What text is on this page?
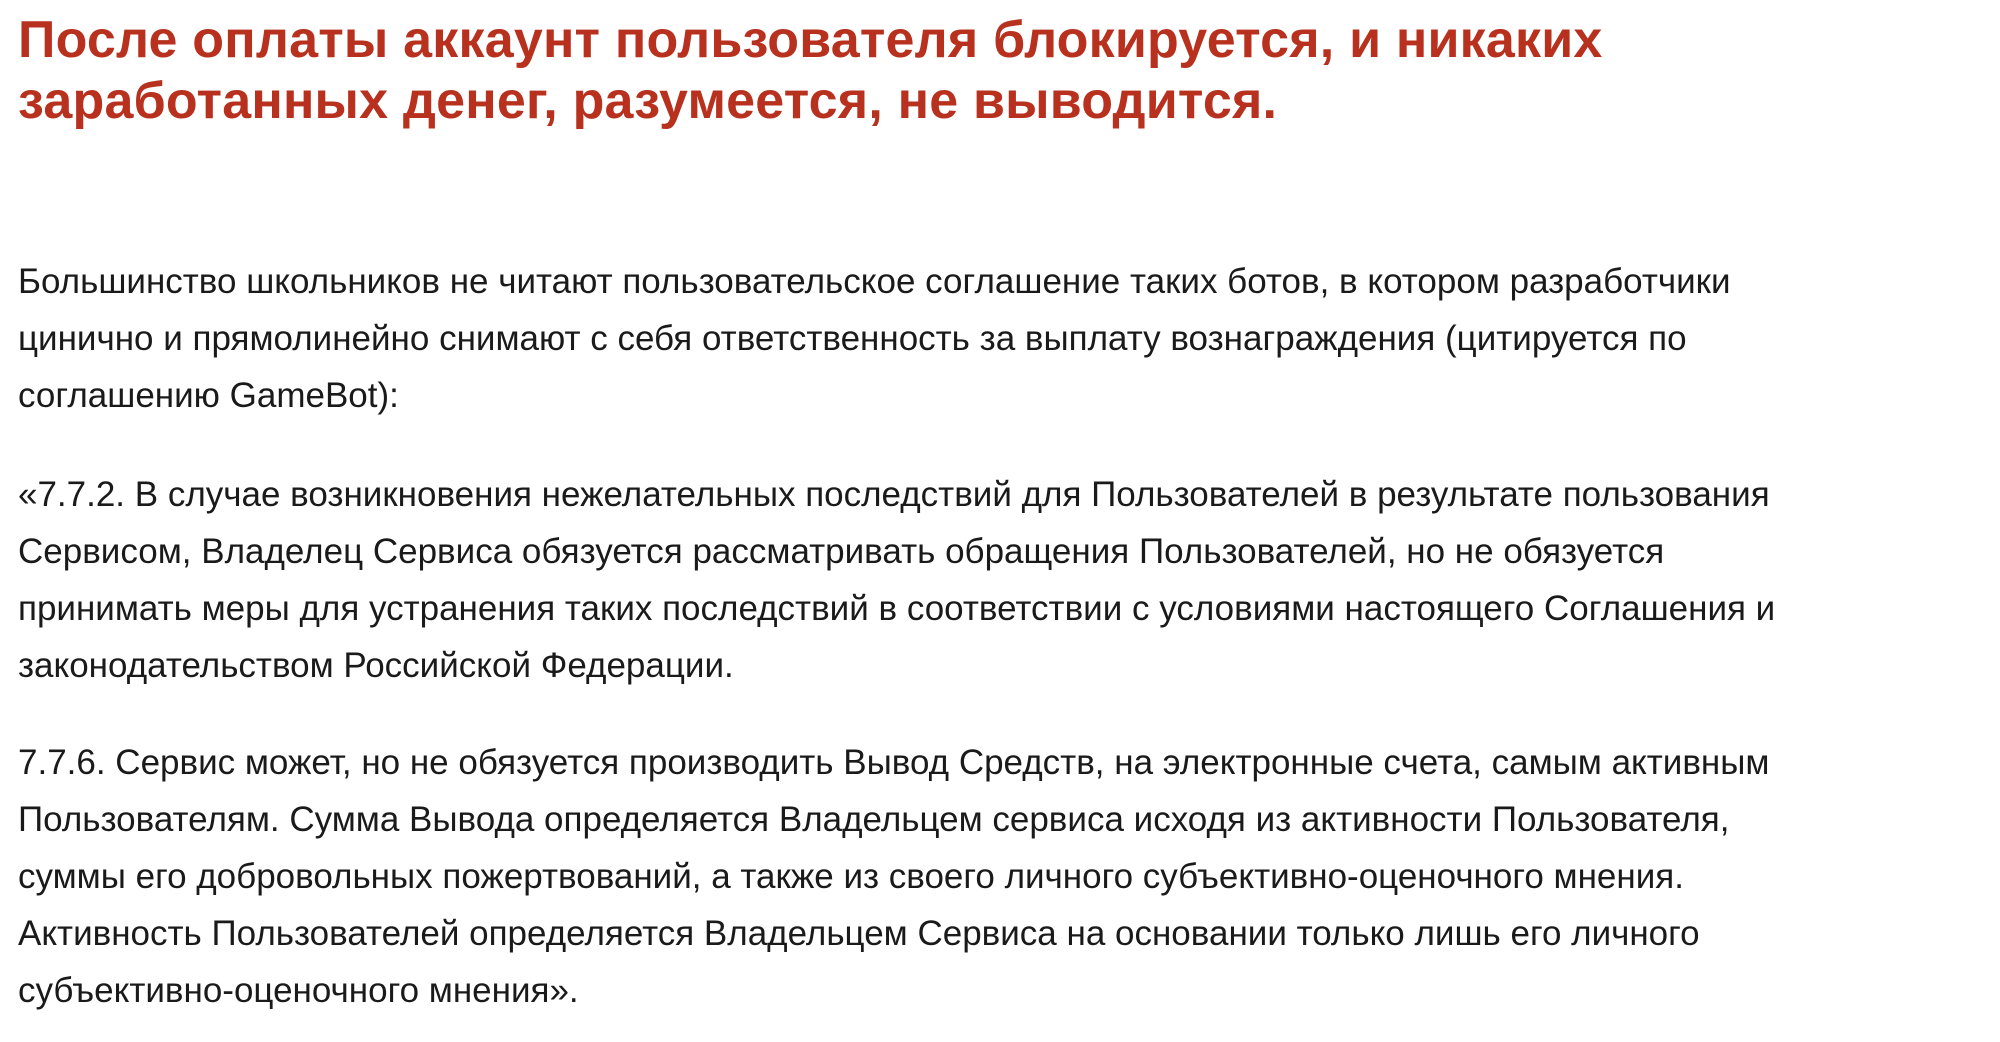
После оплаты аккаунт пользователя блокируется, и никаких
заработанных денег, разумеется, не выводится.

Большинство школьников не читают пользовательское соглашение таких ботов, в котором разработчики
цинично и прямолинейно снимают с себя ответственность за выплату вознаграждения (цитируется по
соглашению GameBot):

«7.7.2. В случае возникновения нежелательных последствий для Пользователей в результате пользования
Сервисом, Владелец Сервиса обязуется рассматривать обращения Пользователей, но не обязуется
принимать меры для устранения таких последствий в соответствии с условиями настоящего Соглашения и
законодательством Российской Федерации.

7.7.6. Сервис может, но не обязуется производить Вывод Средств, на электронные счета, самым активным
Пользователям. Сумма Вывода определяется Владельцем сервиса исходя из активности Пользователя,
суммы его добровольных пожертвований, а также из своего личного субъективно-оценочного мнения.
Активность Пользователей определяется Владельцем Сервиса на основании только лишь его личного
субъективно-оценочного мнения».
